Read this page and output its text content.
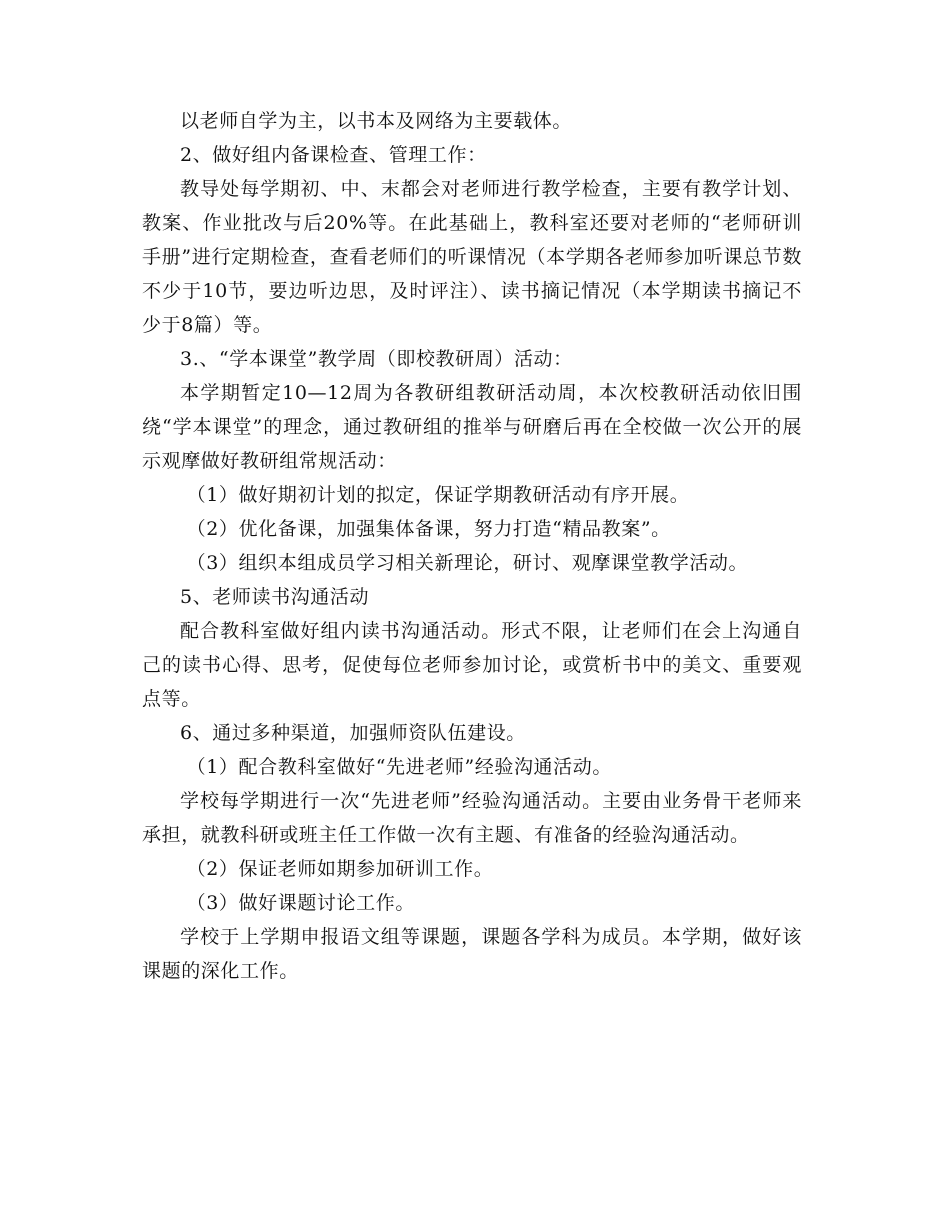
以老师自学为主，以书本及网络为主要载体。

2、做好组内备课检查、管理工作：

教导处每学期初、中、末都会对老师进行教学检查，主要有教学计划、教案、作业批改与后20%等。在此基础上，教科室还要对老师的“老师研训手册”进行定期检查，查看老师们的听课情况（本学期各老师参加听课总节数不少于10节，要边听边思，及时评注）、读书摘记情况（本学期读书摘记不少于8篇）等。

3.、“学本课堂”教学周（即校教研周）活动：

本学期暂定10—12周为各教研组教研活动周，本次校教研活动依旧围绕“学本课堂”的理念，通过教研组的推举与研磨后再在全校做一次公开的展示观摩做好教研组常规活动：

（1）做好期初计划的拟定，保证学期教研活动有序开展。

（2）优化备课，加强集体备课，努力打造“精品教案”。

（3）组织本组成员学习相关新理论，研讨、观摩课堂教学活动。

5、老师读书沟通活动

配合教科室做好组内读书沟通活动。形式不限，让老师们在会上沟通自己的读书心得、思考，促使每位老师参加讨论，或赏析书中的美文、重要观点等。

6、通过多种渠道，加强师资队伍建设。

（1）配合教科室做好“先进老师”经验沟通活动。

学校每学期进行一次“先进老师”经验沟通活动。主要由业务骨干老师来承担，就教科研或班主任工作做一次有主题、有准备的经验沟通活动。

（2）保证老师如期参加研训工作。

（3）做好课题讨论工作。

学校于上学期申报语文组等课题，课题各学科为成员。本学期，做好该课题的深化工作。
